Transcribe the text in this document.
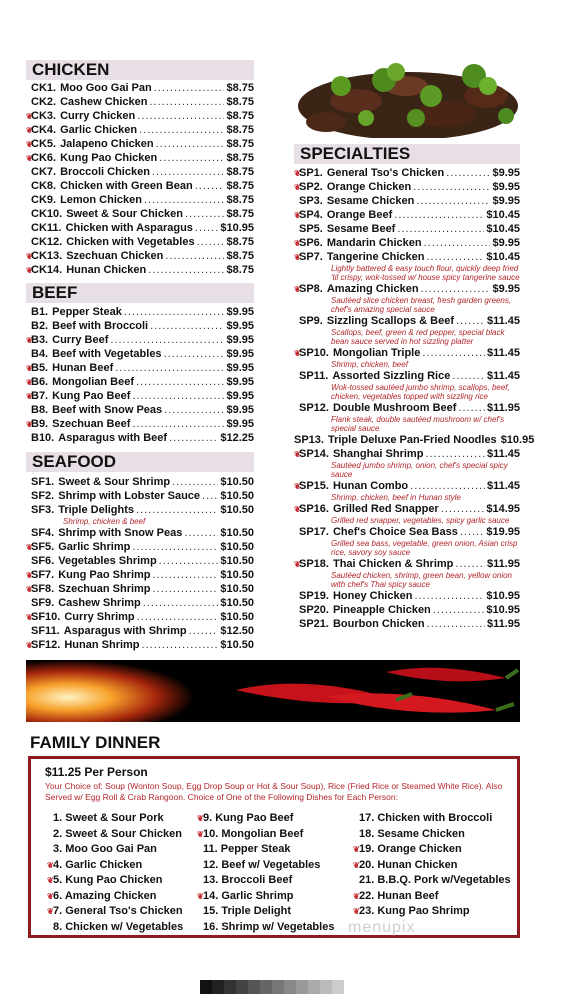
CHICKEN
CK1. Moo Goo Gai Pan .....	$8.75
CK2. Cashew Chicken .....	$8.75
❦
CK3. Curry Chicken .....	$8.75
❦
CK4. Garlic Chicken .....	$8.75
❦
CK5. Jalapeno Chicken .....	$8.75
❦
CK6. Kung Pao Chicken .....	$8.75
CK7. Broccoli Chicken .....	$8.75
CK8. Chicken with Green Bean .....	$8.75
CK9. Lemon Chicken .....	$8.75
CK10. Sweet & Sour Chicken .....	$8.75
CK11. Chicken with Asparagus ..... $10.95
CK12. Chicken with Vegetables .....	$8.75
❦
CK13. Szechuan Chicken .....	$8.75
❦
CK14. Hunan Chicken .....	$8.75
BEEF
B1. Pepper Steak .....	$9.95
B2. Beef with Broccoli .....	$9.95
❦
B3. Curry Beef .....	$9.95
B4. Beef with Vegetables .....	$9.95
❦
B5. Hunan Beef .....	$9.95
❦
B6. Mongolian Beef .....	$9.95
❦
B7. Kung Pao Beef .....	$9.95
B8. Beef with Snow Peas .....	$9.95
❦
B9. Szechuan Beef .....	$9.95
B10. Asparagus with Beef .....	$12.25
SEAFOOD
SF1. Sweet & Sour Shrimp .....	$10.50
SF2. Shrimp with Lobster Sauce ..... $10.50
SF3. Triple Delights .....	$10.50
Shrimp, chicken & beef
SF4. Shrimp with Snow Peas .....	$10.50
❦
SF5. Garlic Shrimp .....	$10.50
SF6. Vegetables Shrimp .....	$10.50
❦
SF7. Kung Pao Shrimp .....	$10.50
❦
SF8. Szechuan Shrimp .....	$10.50
SF9. Cashew Shrimp .....	$10.50
❦
SF10. Curry Shrimp .....	$10.50
SF11. Asparagus with Shrimp .....	$12.50
❦
SF12. Hunan Shrimp .....	$10.50
SPECIALTIES
❦
SP1. General Tso's Chicken .....	$9.95
❦
SP2. Orange Chicken .....	$9.95
SP3. Sesame Chicken .....	$9.95
❦
SP4. Orange Beef .....	$10.45
SP5. Sesame Beef .....	$10.45
❦
SP6. Mandarin Chicken .....	$9.95
❦
SP7. Tangerine Chicken .....	$10.45
Lightly battered & easy touch flour, quickly deep fried 'til crispy, wok-tossed w/ house spicy tangerine sauce
❦
SP8. Amazing Chicken .....	$9.95
Sautéed slice chicken breast, fresh garden greens, chef's amazing special sauce
SP9. Sizzling Scallops & Beef .....	$11.45
Scallops, beef, green & red pepper, special black bean sauce served in hot sizzling platter
❦
SP10. Mongolian Triple .....	$11.45
Shrimp, chicken, beef
SP11. Assorted Sizzling Rice .....	$11.45
Wok-tossed sautéed jumbo shrimp, scallops, beef, chicken, vegetables topped with sizzling rice
SP12. Double Mushroom Beef .....	$11.95
Flank steak, double sautéed mushroom w/ chef's special sauce
SP13. Triple Deluxe Pan-Fried Noodles $10.95
❦
SP14. Shanghai Shrimp .....	$11.45
Sautéed jumbo shrimp, onion, chef's special spicy sauce
❦
SP15. Hunan Combo .....	$11.45
Shrimp, chicken, beef in Hunan style
❦
SP16. Grilled Red Snapper .....	$14.95
Grilled red snapper, vegetables, spicy garlic sauce
SP17. Chef's Choice Sea Bass .....	$19.95
Grilled sea bass, vegetable, green onion, Asian crisp rice, savory soy sauce
❦
SP18. Thai Chicken & Shrimp .....	$11.95
Sautéed chicken, shrimp, green bean, yellow onion with chef's Thai spicy sauce
SP19. Honey Chicken .....	$10.95
SP20. Pineapple Chicken .....	$10.95
SP21. Bourbon Chicken .....	$11.95
FAMILY DINNER
$11.25 Per Person
Your Choice of: Soup (Wonton Soup, Egg Drop Soup or Hot & Sour Soup), Rice (Fried Rice or Steamed White Rice). Also Served w/ Egg Roll & Crab Rangoon. Choice of One of the Following Dishes for Each Person:
1. Sweet & Sour Pork
2. Sweet & Sour Chicken
3. Moo Goo Gai Pan
❦4. Garlic Chicken
❦5. Kung Pao Chicken
❦6. Amazing Chicken
❦7. General Tso's Chicken
8. Chicken w/ Vegetables
❦9. Kung Pao Beef
❦10. Mongolian Beef
11. Pepper Steak
12. Beef w/ Vegetables
13. Broccoli Beef
❦14. Garlic Shrimp
15. Triple Delight
16. Shrimp w/ Vegetables
17. Chicken with Broccoli
18. Sesame Chicken
❦19. Orange Chicken
❦20. Hunan Chicken
21. B.B.Q. Pork w/Vegetables
❦22. Hunan Beef
❦23. Kung Pao Shrimp
menupix
